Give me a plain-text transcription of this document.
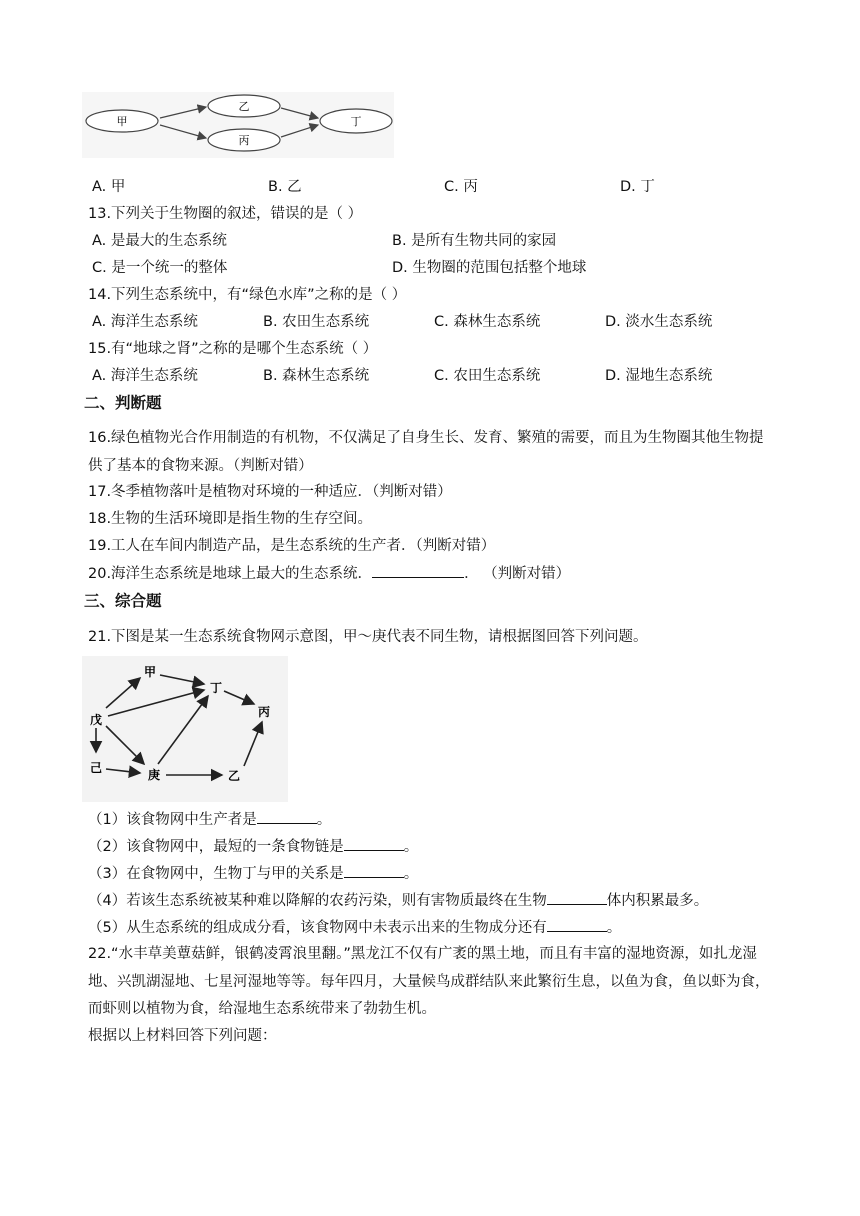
甲
乙
丙
丁
A. 甲	B. 乙	C. 丙	D. 丁
13.下列关于生物圈的叙述，错误的是（ ）
A. 是最大的生态系统	B. 是所有生物共同的家园
C. 是一个统一的整体	D. 生物圈的范围包括整个地球
14.下列生态系统中，有“绿色水库”之称的是（ ）
A. 海洋生态系统	B. 农田生态系统	C. 森林生态系统	D. 淡水生态系统
15.有“地球之肾”之称的是哪个生态系统（ ）
A. 海洋生态系统	B. 森林生态系统	C. 农田生态系统	D. 湿地生态系统
二、判断题
16.绿色植物光合作用制造的有机物，不仅满足了自身生长、发育、繁殖的需要，而且为生物圈其他生物提
供了基本的食物来源。（判断对错）
17.冬季植物落叶是植物对环境的一种适应．（判断对错）
18.生物的生活环境即是指生物的生存空间。
19.工人在车间内制造产品，是生态系统的生产者．（判断对错）
20.海洋生态系统是地球上最大的生态系统．	． （判断对错）
三、综合题
21.下图是某一生态系统食物网示意图，甲～庚代表不同生物，请根据图回答下列问题。
甲
丁
丙
戊
己	庚	乙
（1）该食物网中生产者是	。
（2）该食物网中，最短的一条食物链是	。
（3）在食物网中，生物丁与甲的关系是	。
（4）若该生态系统被某种难以降解的农药污染，则有害物质最终在生物	体内积累最多。
（5）从生态系统的组成成分看，该食物网中未表示出来的生物成分还有	。
22.“水丰草美蕈菇鲜，银鹤凌霄浪里翻。”黑龙江不仅有广袤的黑土地，而且有丰富的湿地资源，如扎龙湿
地、兴凯湖湿地、七星河湿地等等。每年四月，大量候鸟成群结队来此繁衍生息，以鱼为食，鱼以虾为食，
而虾则以植物为食，给湿地生态系统带来了勃勃生机。
根据以上材料回答下列问题：
